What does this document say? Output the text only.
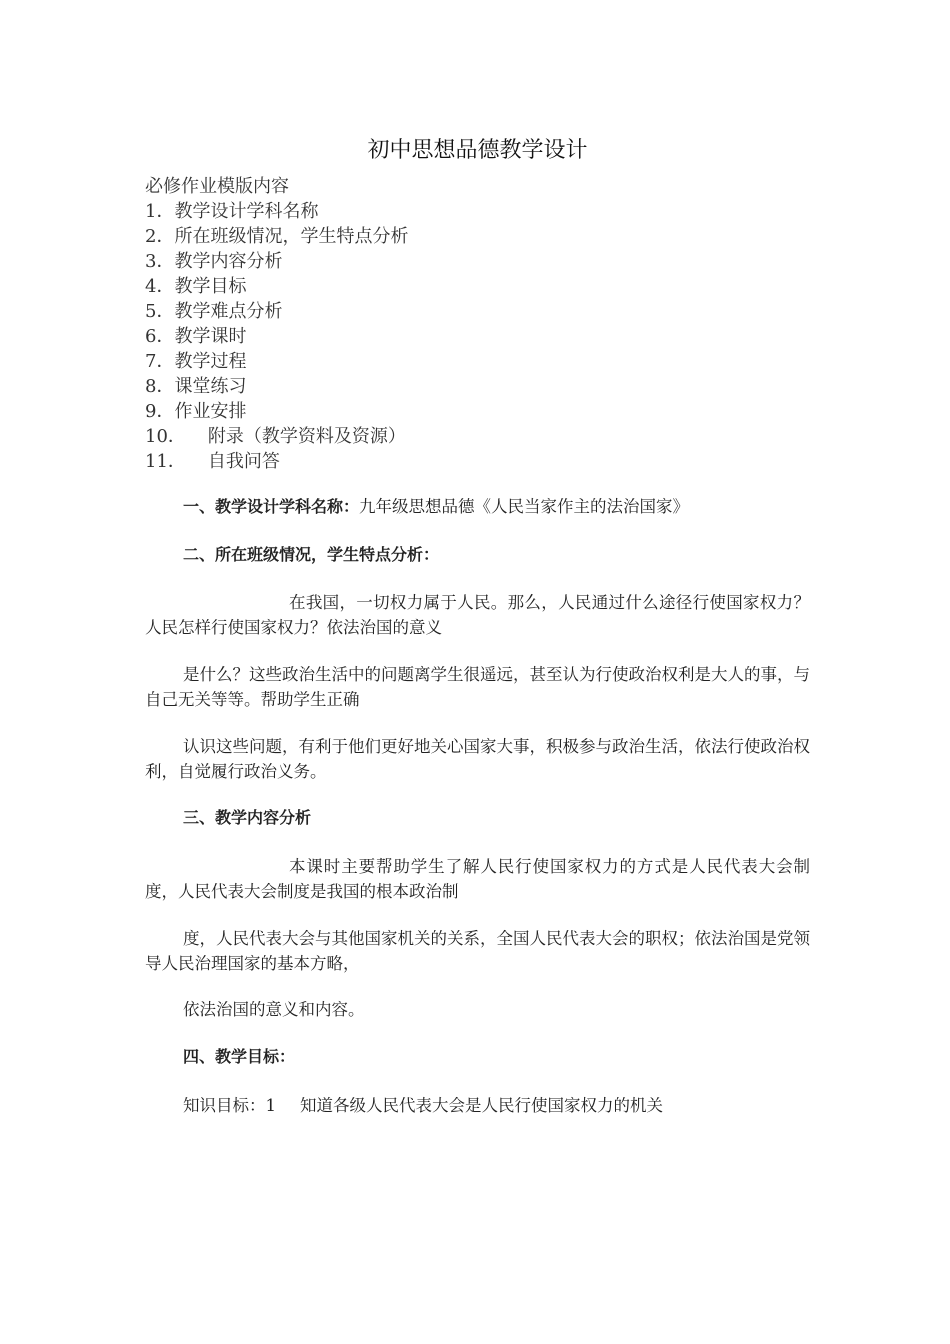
初中思想品德教学设计
必修作业模版内容
1．教学设计学科名称
2．所在班级情况，学生特点分析
3．教学内容分析
4．教学目标
5．教学难点分析
6．教学课时
7．教学过程
8．课堂练习
9．作业安排
10． 附录（教学资料及资源）
11． 自我问答
一、教学设计学科名称：九年级思想品德《人民当家作主的法治国家》
二、所在班级情况，学生特点分析：
在我国，一切权力属于人民。那么，人民通过什么途径行使国家权力？人民怎样行使国家权力？依法治国的意义
是什么？这些政治生活中的问题离学生很遥远，甚至认为行使政治权利是大人的事，与自己无关等等。帮助学生正确
认识这些问题，有利于他们更好地关心国家大事，积极参与政治生活，依法行使政治权利，自觉履行政治义务。
三、教学内容分析
本课时主要帮助学生了解人民行使国家权力的方式是人民代表大会制度，人民代表大会制度是我国的根本政治制
度，人民代表大会与其他国家机关的关系，全国人民代表大会的职权；依法治国是党领导人民治理国家的基本方略，
依法治国的意义和内容。
四、教学目标：
知识目标：1 知道各级人民代表大会是人民行使国家权力的机关
